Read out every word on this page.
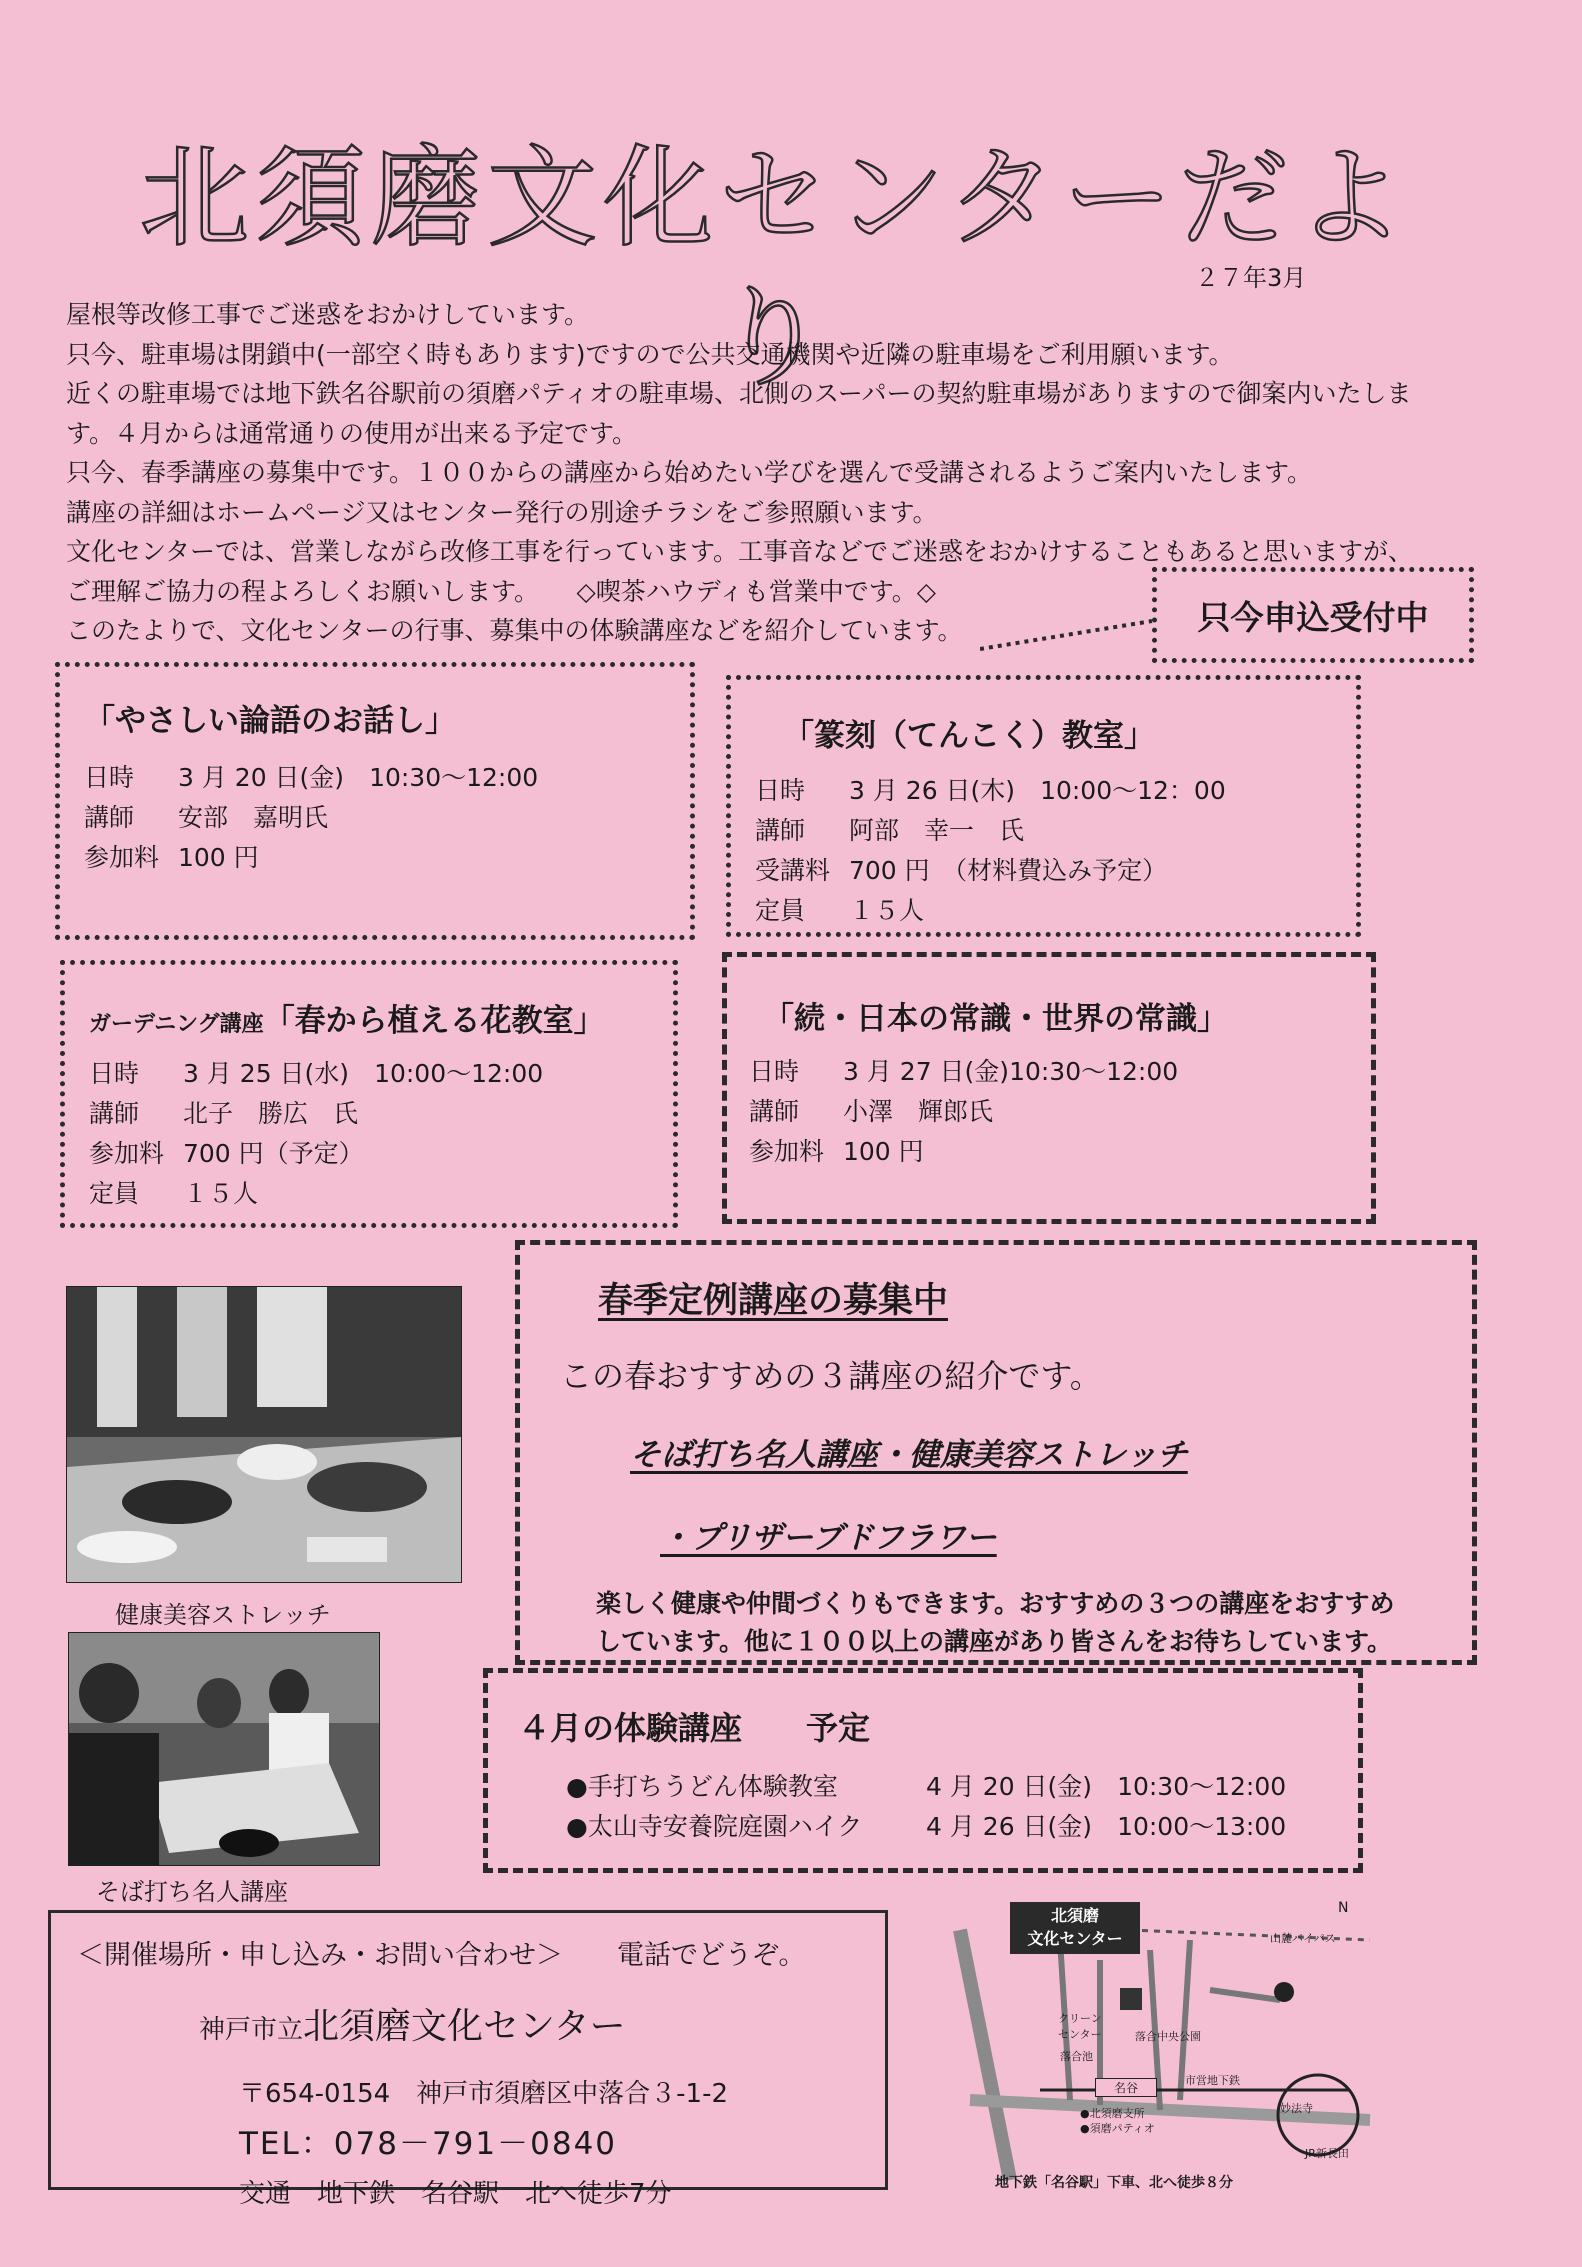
北須磨文化センターだより	２７年3月

屋根等改修工事でご迷惑をおかけしています。

只今、駐車場は閉鎖中(一部空く時もあります)ですので公共交通機関や近隣の駐車場をご利用願います。

近くの駐車場では地下鉄名谷駅前の須磨パティオの駐車場、北側のスーパーの契約駐車場がありますので御案内いたしま

す。４月からは通常通りの使用が出来る予定です。

只今、春季講座の募集中です。１００からの講座から始めたい学びを選んで受講されるようご案内いたします。

講座の詳細はホームページ又はセンター発行の別途チラシをご参照願います。

文化センターでは、営業しながら改修工事を行っています。工事音などでご迷惑をおかけすることもあると思いますが、

ご理解ご協力の程よろしくお願いします。　　◇喫茶ハウディも営業中です。◇

このたよりで、文化センターの行事、募集中の体験講座などを紹介しています。	只今申込受付中
「やさしい論語のお話し」
日時 3 月 20 日(金)　10:30～12:00
講師 安部　嘉明氏
参加料 100 円
「篆刻（てんこく）教室」
日時 3 月 26 日(木)　10:00～12：00
講師 阿部　幸一　氏
受講料 700 円　（材料費込み予定）
定員 １５人
ガーデニング講座「春から植える花教室」
日時 3 月 25 日(水)　10:00～12:00
講師 北子　勝広　氏
参加料 700 円（予定）
定員 １５人
「続・日本の常識・世界の常識」
日時 3 月 27 日(金)10:30～12:00
講師 小澤　輝郎氏
参加料 100 円
健康美容ストレッチ
そば打ち名人講座
春季定例講座の募集中
この春おすすめの３講座の紹介です。
そば打ち名人講座・健康美容ストレッチ
・プリザーブドフラワー
楽しく健康や仲間づくりもできます。おすすめの３つの講座をおすすめ
しています。他に１００以上の講座があり皆さんをお待ちしています。
４月の体験講座　　予定
●手打ちうどん体験教室	4 月 20 日(金)　10:30～12:00
●太山寺安養院庭園ハイク	4 月 26 日(金)　10:00～13:00
＜開催場所・申し込み・お問い合わせ＞　　電話でどうぞ。
神戸市立北須磨文化センター
〒654-0154　神戸市須磨区中落合３-1-2
TEL：078－791－0840
交通　地下鉄　名谷駅　北へ徒歩7分
北須磨
文化センター
N
山麓バイパス
クリーン
センター	落合中央公園
落合池
名谷
市営地下鉄
●北須磨支所
●須磨パティオ
妙法寺
JR新長田
地下鉄「名谷駅」下車、北へ徒歩８分
